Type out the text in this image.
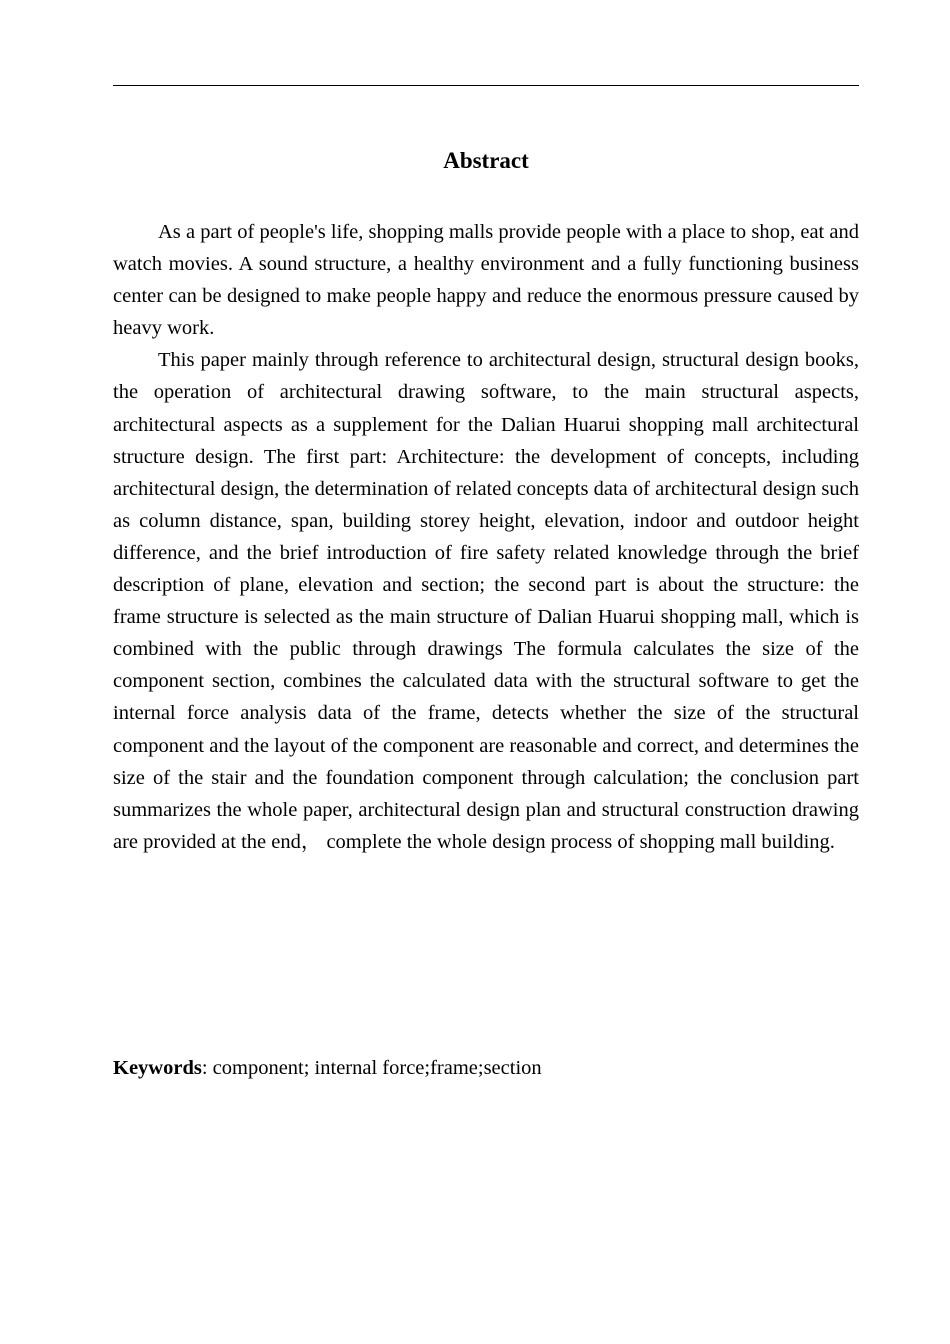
Abstract

As a part of people's life, shopping malls provide people with a place to shop, eat and watch movies. A sound structure, a healthy environment and a fully functioning business center can be designed to make people happy and reduce the enormous pressure caused by heavy work.

This paper mainly through reference to architectural design, structural design books, the operation of architectural drawing software, to the main structural aspects, architectural aspects as a supplement for the Dalian Huarui shopping mall architectural structure design. The first part: Architecture: the development of concepts, including architectural design, the determination of related concepts data of architectural design such as column distance, span, building storey height, elevation, indoor and outdoor height difference, and the brief introduction of fire safety related knowledge through the brief description of plane, elevation and section; the second part is about the structure: the frame structure is selected as the main structure of Dalian Huarui shopping mall, which is combined with the public through drawings The formula calculates the size of the component section, combines the calculated data with the structural software to get the internal force analysis data of the frame, detects whether the size of the structural component and the layout of the component are reasonable and correct, and determines the size of the stair and the foundation component through calculation; the conclusion part summarizes the whole paper, architectural design plan and structural construction drawing are provided at the end， complete the whole design process of shopping mall building.

Keywords: component; internal force;frame;section
